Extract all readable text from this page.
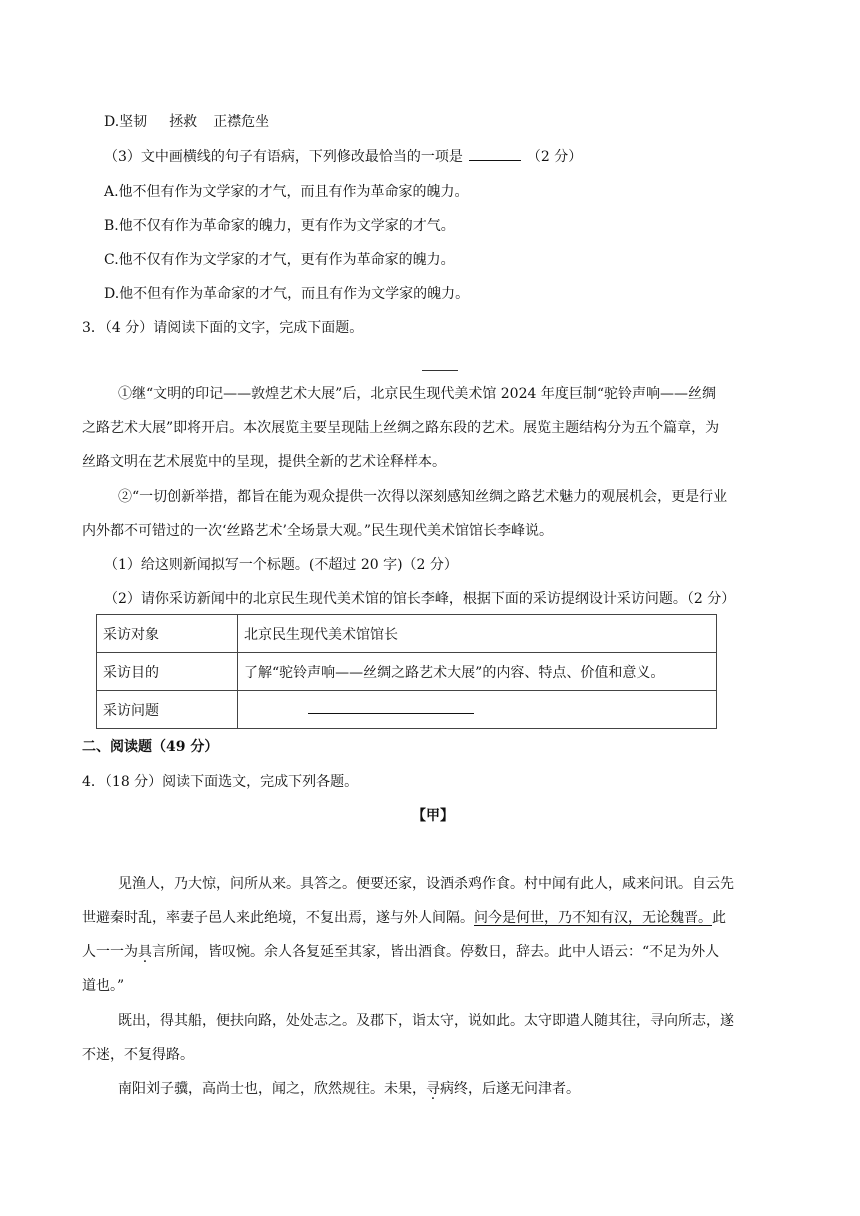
D.坚韧 拯救 正襟危坐
（3）文中画横线的句子有语病，下列修改最恰当的一项是	（2 分）
A.他不但有作为文学家的才气，而且有作为革命家的魄力。
B.他不仅有作为革命家的魄力，更有作为文学家的才气。
C.他不仅有作为文学家的才气，更有作为革命家的魄力。
D.他不但有作为革命家的才气，而且有作为文学家的魄力。
3．（4 分）请阅读下面的文字，完成下面题。
①继“文明的印记——敦煌艺术大展”后，北京民生现代美术馆 2024 年度巨制“驼铃声响——丝绸
之路艺术大展”即将开启。本次展览主要呈现陆上丝绸之路东段的艺术。展览主题结构分为五个篇章，为
丝路文明在艺术展览中的呈现，提供全新的艺术诠释样本。
②“一切创新举措，都旨在能为观众提供一次得以深刻感知丝绸之路艺术魅力的观展机会，更是行业
内外都不可错过的一次‘丝路艺术’全场景大观。”民生现代美术馆馆长李峰说。
（1）给这则新闻拟写一个标题。(不超过 20 字)（2 分）
（2）请你采访新闻中的北京民生现代美术馆的馆长李峰，根据下面的采访提纲设计采访问题。（2 分）
采访对象	北京民生现代美术馆馆长
采访目的	了解“驼铃声响——丝绸之路艺术大展”的内容、特点、价值和意义。
采访问题	
二、阅读题（49 分）
4．（18 分）阅读下面选文，完成下列各题。
【甲】
见渔人，乃大惊，问所从来。具答之。便要还家，设酒杀鸡作食。村中闻有此人，咸来问讯。自云先
世避秦时乱，率妻子邑人来此绝境，不复出焉，遂与外人间隔。问今是何世，乃不知有汉，无论魏晋。此
人一一为具言所闻，皆叹惋。余人各复延至其家，皆出酒食。停数日，辞去。此中人语云：“不足为外人
道也。”
既出，得其船，便扶向路，处处志之。及郡下，诣太守，说如此。太守即遣人随其往，寻向所志，遂
不迷，不复得路。
南阳刘子骥，高尚士也，闻之，欣然规往。未果，寻病终，后遂无问津者。
